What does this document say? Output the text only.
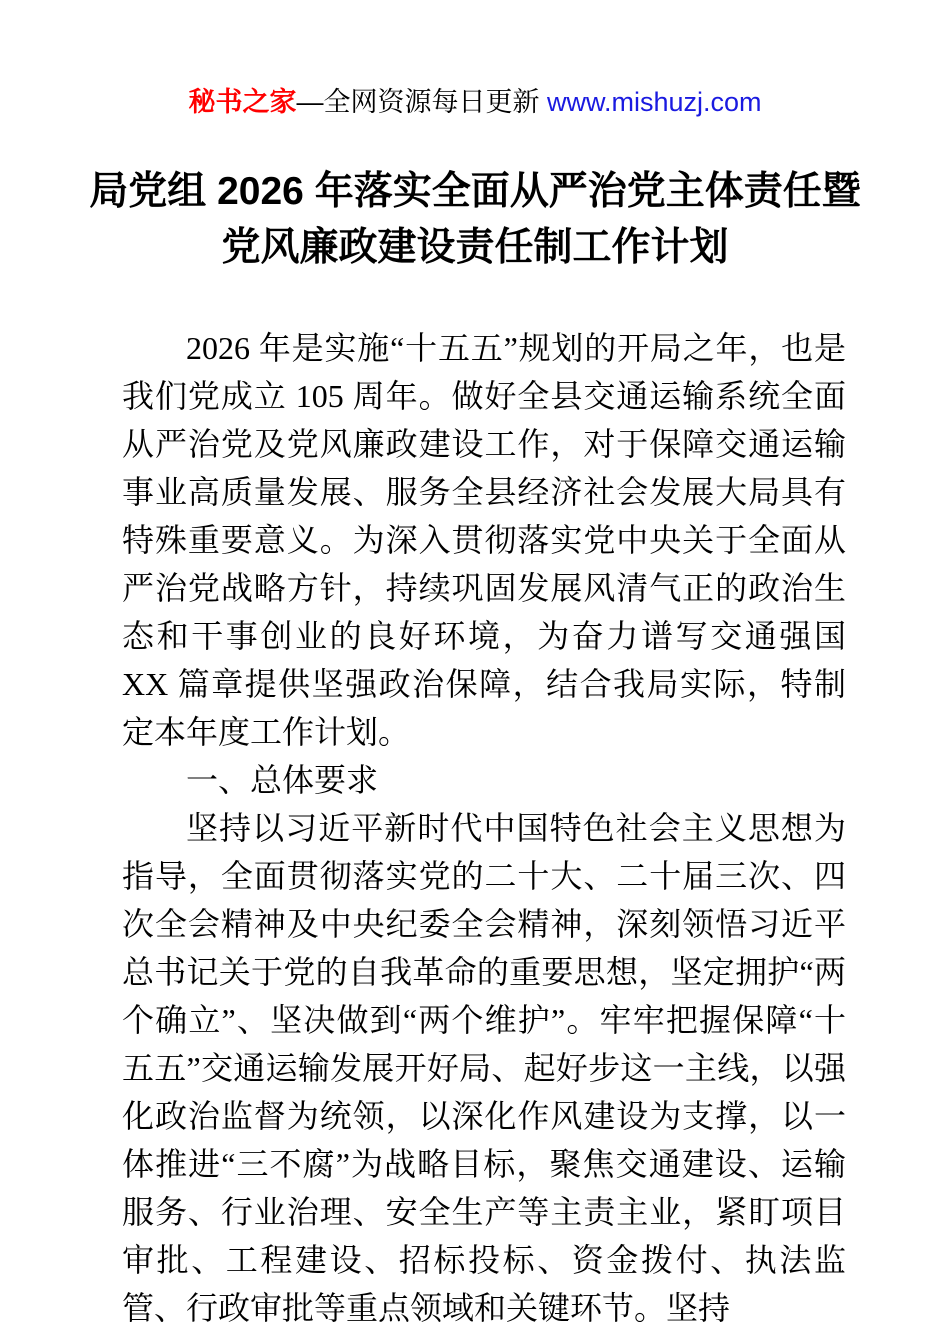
秘书之家—全网资源每日更新 www.mishuzj.com
局党组 2026 年落实全面从严治党主体责任暨
党风廉政建设责任制工作计划

2026 年是实施“十五五”规划的开局之年，也是我们党成立 105 周年。做好全县交通运输系统全面从严治党及党风廉政建设工作，对于保障交通运输事业高质量发展、服务全县经济社会发展大局具有特殊重要意义。为深入贯彻落实党中央关于全面从严治党战略方针，持续巩固发展风清气正的政治生态和干事创业的良好环境，为奋力谱写交通强国 XX 篇章提供坚强政治保障，结合我局实际，特制定本年度工作计划。

一、总体要求

坚持以习近平新时代中国特色社会主义思想为指导，全面贯彻落实党的二十大、二十届三次、四次全会精神及中央纪委全会精神，深刻领悟习近平总书记关于党的自我革命的重要思想，坚定拥护“两个确立”、坚决做到“两个维护”。牢牢把握保障“十五五”交通运输发展开好局、起好步这一主线，以强化政治监督为统领，以深化作风建设为支撑，以一体推进“三不腐”为战略目标，聚焦交通建设、运输服务、行业治理、安全生产等主责主业，紧盯项目审批、工程建设、招标投标、资金拨付、执法监管、行政审批等重点领域和关键环节。坚持
